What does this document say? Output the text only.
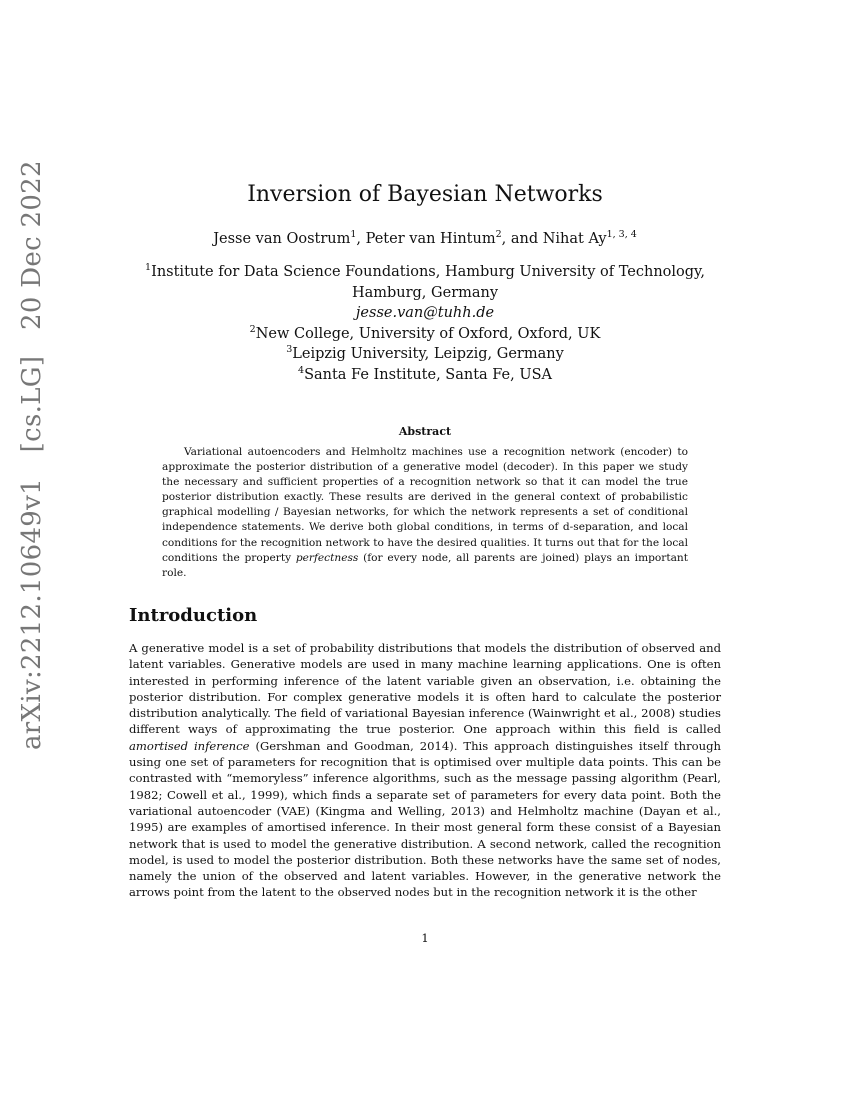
arXiv:2212.10649v1   [cs.LG]   20 Dec 2022	Inversion of Bayesian Networks
Jesse van Oostrum$^1$, Peter van Hintum$^2$, and Nihat Ay$^{1, 3, 4}$
$^1$Institute for Data Science Foundations, Hamburg University of Technology,
Hamburg, Germany
jesse.van@tuhh.de
$^2$New College, University of Oxford, Oxford, UK
$^3$Leipzig University, Leipzig, Germany
$^4$Santa Fe Institute, Santa Fe, USA
Abstract

Variational autoencoders and Helmholtz machines use a recognition network (encoder) to approximate the posterior distribution of a generative model (decoder). In this paper we study the necessary and sufficient properties of a recognition network so that it can model the true posterior distribution exactly. These results are derived in the general context of probabilistic graphical modelling / Bayesian networks, for which the network represents a set of conditional independence statements. We derive both global conditions, in terms of d-separation, and local conditions for the recognition network to have the desired qualities. It turns out that for the local conditions the property perfectness (for every node, all parents are joined) plays an important role.

Introduction

A generative model is a set of probability distributions that models the distribution of observed and latent variables. Generative models are used in many machine learning applications. One is often interested in performing inference of the latent variable given an observation, i.e. obtaining the posterior distribution. For complex generative models it is often hard to calculate the posterior distribution analytically. The field of variational Bayesian inference (Wainwright et al., 2008) studies different ways of approximating the true posterior. One approach within this field is called amortised inference (Gershman and Goodman, 2014). This approach distinguishes itself through using one set of parameters for recognition that is optimised over multiple data points. This can be contrasted with “memoryless” inference algorithms, such as the message passing algorithm (Pearl, 1982; Cowell et al., 1999), which finds a separate set of parameters for every data point. Both the variational autoencoder (VAE) (Kingma and Welling, 2013) and Helmholtz machine (Dayan et al., 1995) are examples of amortised inference. In their most general form these consist of a Bayesian network that is used to model the generative distribution. A second network, called the recognition model, is used to model the posterior distribution. Both these networks have the same set of nodes, namely the union of the observed and latent variables. However, in the generative network the arrows point from the latent to the observed nodes but in the recognition network it is the other

1
